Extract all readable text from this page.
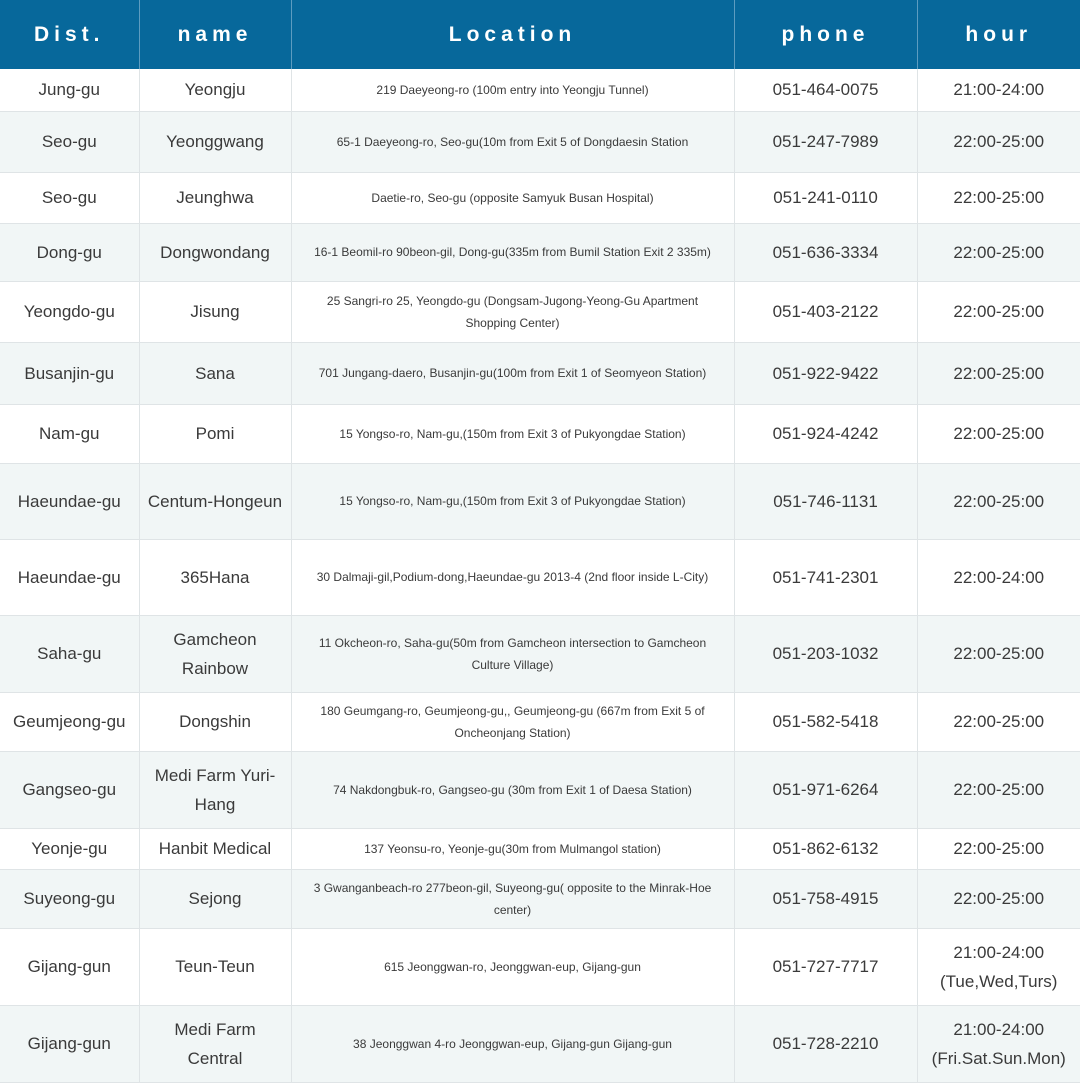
Dist.	name	Location	phone	hour
Jung-gu	Yeongju	219 Daeyeong-ro (100m entry into Yeongju Tunnel)	051-464-0075	21:00-24:00
Seo-gu	Yeonggwang	65-1 Daeyeong-ro, Seo-gu(10m from Exit 5 of Dongdaesin Station	051-247-7989	22:00-25:00
Seo-gu	Jeunghwa	Daetie-ro, Seo-gu (opposite Samyuk Busan Hospital)	051-241-0110	22:00-25:00
Dong-gu	Dongwondang	16-1 Beomil-ro 90beon-gil, Dong-gu(335m from Bumil Station Exit 2 335m)	051-636-3334	22:00-25:00
Yeongdo-gu	Jisung	25 Sangri-ro 25, Yeongdo-gu (Dongsam-Jugong-Yeong-Gu Apartment Shopping Center)	051-403-2122	22:00-25:00
Busanjin-gu	Sana	701 Jungang-daero, Busanjin-gu(100m from Exit 1 of Seomyeon Station)	051-922-9422	22:00-25:00
Nam-gu	Pomi	15 Yongso-ro, Nam-gu,(150m from Exit 3 of Pukyongdae Station)	051-924-4242	22:00-25:00
Haeundae-gu	Centum-Hongeun	15 Yongso-ro, Nam-gu,(150m from Exit 3 of Pukyongdae Station)	051-746-1131	22:00-25:00
Haeundae-gu	365Hana	30 Dalmaji-gil,Podium-dong,Haeundae-gu 2013-4 (2nd floor inside L-City)	051-741-2301	22:00-24:00
Saha-gu	Gamcheon Rainbow	11 Okcheon-ro, Saha-gu(50m from Gamcheon intersection to Gamcheon Culture Village)	051-203-1032	22:00-25:00
Geumjeong-gu	Dongshin	180 Geumgang-ro, Geumjeong-gu,, Geumjeong-gu (667m from Exit 5 of Oncheonjang Station)	051-582-5418	22:00-25:00
Gangseo-gu	Medi Farm Yuri-Hang	74 Nakdongbuk-ro, Gangseo-gu (30m from Exit 1 of Daesa Station)	051-971-6264	22:00-25:00
Yeonje-gu	Hanbit Medical	137 Yeonsu-ro, Yeonje-gu(30m from Mulmangol station)	051-862-6132	22:00-25:00
Suyeong-gu	Sejong	3 Gwanganbeach-ro 277beon-gil, Suyeong-gu( opposite to the Minrak-Hoe center)	051-758-4915	22:00-25:00
Gijang-gun	Teun-Teun	615 Jeonggwan-ro, Jeonggwan-eup, Gijang-gun	051-727-7717	21:00-24:00 (Tue,Wed,Turs)
Gijang-gun	Medi Farm Central	38 Jeonggwan 4-ro Jeonggwan-eup, Gijang-gun Gijang-gun	051-728-2210	21:00-24:00 (Fri.Sat.Sun.Mon)
